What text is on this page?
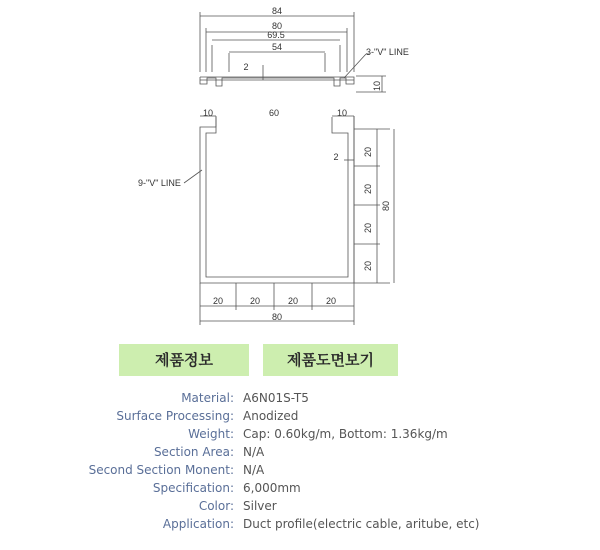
84
80
69.5
54
2
10
3-"V" LINE
10	60	10
2	20
20
20
20
80
20	20	20	20
80
9-"V" LINE
제품정보	제품도면보기
Material: A6N01S-T5
Surface Processing: Anodized
Weight: Cap: 0.60kg/m, Bottom: 1.36kg/m
Section Area: N/A
Second Section Monent: N/A
Specification: 6,000mm
Color: Silver
Application: Duct profile(electric cable, aritube, etc)
